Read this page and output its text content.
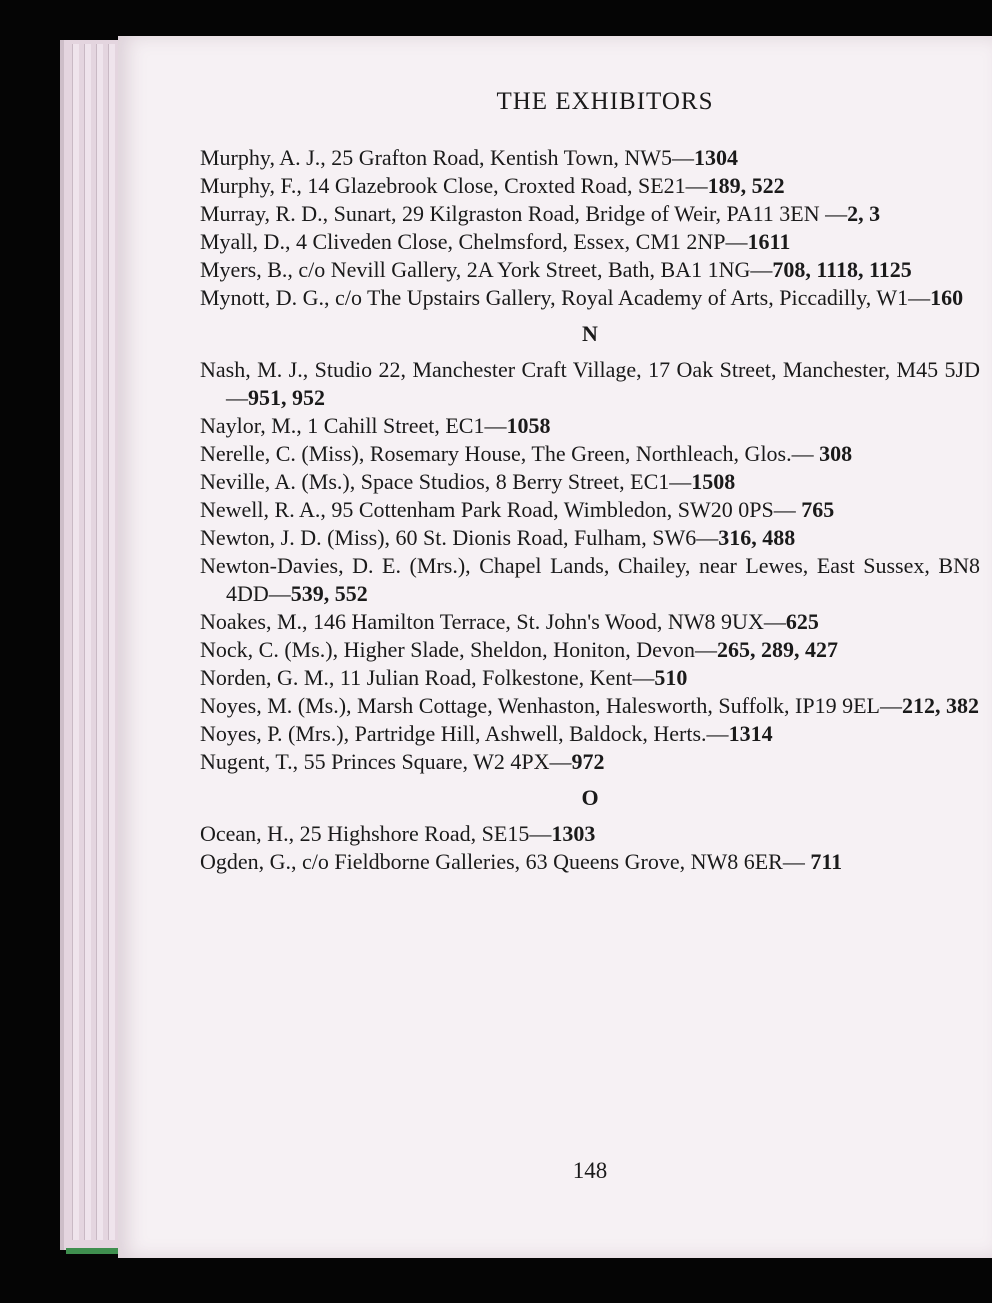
THE EXHIBITORS
Murphy, A. J., 25 Grafton Road, Kentish Town, NW5—1304
Murphy, F., 14 Glazebrook Close, Croxted Road, SE21—189, 522
Murray, R. D., Sunart, 29 Kilgraston Road, Bridge of Weir, PA11 3EN —2, 3
Myall, D., 4 Cliveden Close, Chelmsford, Essex, CM1 2NP—1611
Myers, B., c/o Nevill Gallery, 2A York Street, Bath, BA1 1NG—708, 1118, 1125
Mynott, D. G., c/o The Upstairs Gallery, Royal Academy of Arts, Piccadilly, W1—160
N
Nash, M. J., Studio 22, Manchester Craft Village, 17 Oak Street, Manchester, M45 5JD—951, 952
Naylor, M., 1 Cahill Street, EC1—1058
Nerelle, C. (Miss), Rosemary House, The Green, Northleach, Glos.— 308
Neville, A. (Ms.), Space Studios, 8 Berry Street, EC1—1508
Newell, R. A., 95 Cottenham Park Road, Wimbledon, SW20 0PS— 765
Newton, J. D. (Miss), 60 St. Dionis Road, Fulham, SW6—316, 488
Newton-Davies, D. E. (Mrs.), Chapel Lands, Chailey, near Lewes, East Sussex, BN8 4DD—539, 552
Noakes, M., 146 Hamilton Terrace, St. John's Wood, NW8 9UX—625
Nock, C. (Ms.), Higher Slade, Sheldon, Honiton, Devon—265, 289, 427
Norden, G. M., 11 Julian Road, Folkestone, Kent—510
Noyes, M. (Ms.), Marsh Cottage, Wenhaston, Halesworth, Suffolk, IP19 9EL—212, 382
Noyes, P. (Mrs.), Partridge Hill, Ashwell, Baldock, Herts.—1314
Nugent, T., 55 Princes Square, W2 4PX—972
O
Ocean, H., 25 Highshore Road, SE15—1303
Ogden, G., c/o Fieldborne Galleries, 63 Queens Grove, NW8 6ER— 711
148
